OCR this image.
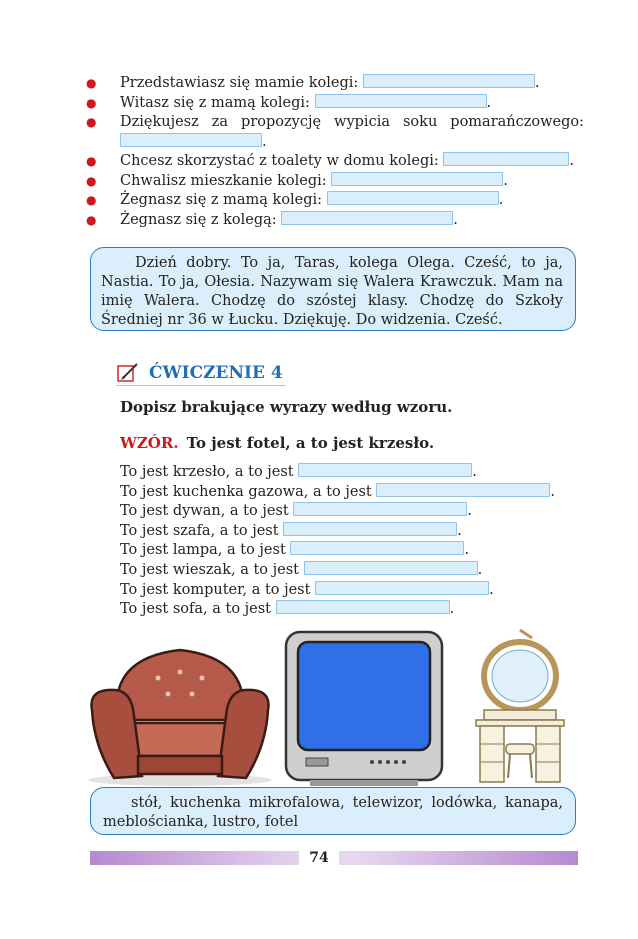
● Przedstawiasz się mamie kolegi:	.
● Witasz się z mamą kolegi:	.
● Dziękujesz za propozycję wypicia soku pomarańczowego:
.
● Chcesz skorzystać z toalety w domu kolegi:	.
● Chwalisz mieszkanie kolegi:	.
● Żegnasz się z mamą kolegi:	.
● Żegnasz się z kolegą:	.
Dzień dobry. To ja, Taras, kolega Olega. Cześć, to ja, Nastia. To ja, Ołesia. Nazywam się Walera Krawczuk. Mam na imię Walera. Chodzę do szóstej klasy. Chodzę do Szkoły Średniej nr 36 w Łucku. Dziękuję. Do widzenia. Cześć.
ĆWICZENIE 4
Dopisz brakujące wyrazy według wzoru.
WZÓR. To jest fotel, a to jest krzesło.
To jest krzesło, a to jest	.
To jest kuchenka gazowa, a to jest	.
To jest dywan, a to jest	.
To jest szafa, a to jest	.
To jest lampa, a to jest	.
To jest wieszak, a to jest	.
To jest komputer, a to jest	.
To jest sofa, a to jest	.
stół, kuchenka mikrofalowa, telewizor, lodówka, kanapa, meblościanka, lustro, fotel
74
